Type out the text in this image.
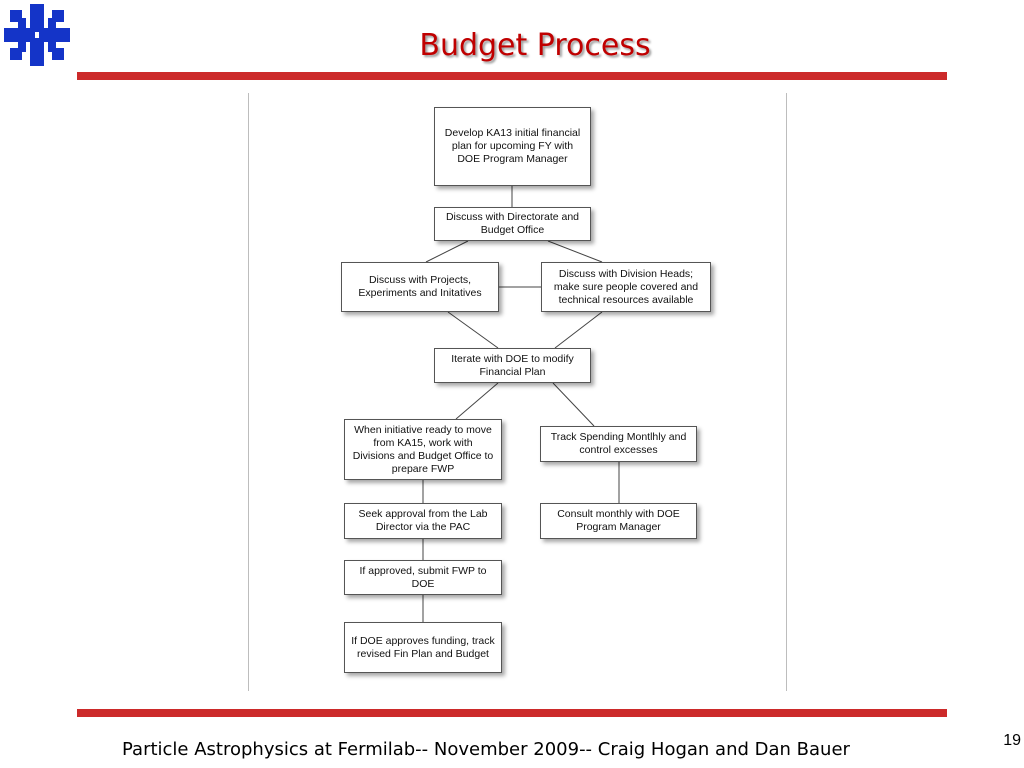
Budget Process
Develop KA13 initial financial plan for upcoming FY with DOE Program Manager
Discuss with Directorate and Budget Office
Discuss with Projects, Experiments and Initatives
Discuss with Division Heads; make sure people covered and technical resources available
Iterate with DOE to modify Financial Plan
When initiative ready to move from KA15, work with Divisions and Budget Office to prepare FWP
Track Spending Montlhly and control excesses
Seek approval from the Lab Director via the PAC
Consult monthly with DOE Program Manager
If approved, submit FWP to DOE
If DOE approves funding, track revised Fin Plan and Budget
Particle Astrophysics at Fermilab-- November 2009-- Craig Hogan and Dan Bauer	19
